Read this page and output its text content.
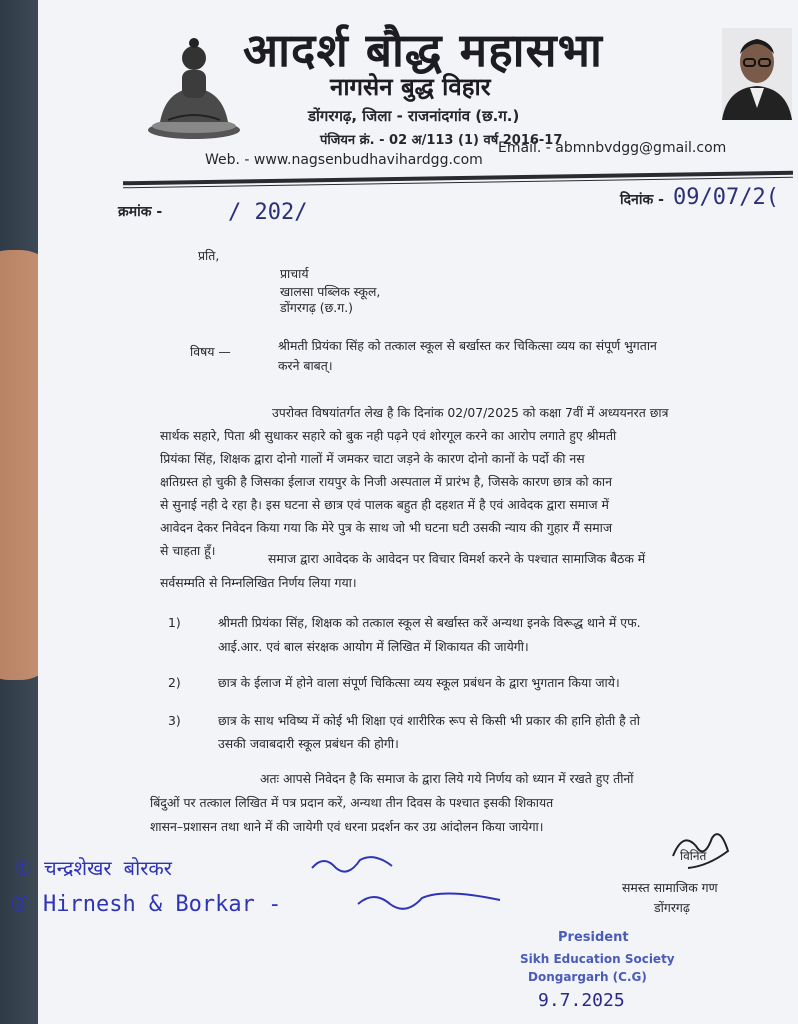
आदर्श बौद्ध महासभा
नागसेन बुद्ध विहार
डोंगरगढ़, जिला - राजनांदगांव (छ.ग.)
पंजियन क्रं. - 02 अ/113 (1) वर्ष 2016-17
Web. - www.nagsenbudhavihardgg.com
Email. - abmnbvdgg@gmail.com
क्रमांक -	/ 202/	दिनांक - 09/07/2(
प्रति,
प्राचार्य
खालसा पब्लिक स्कूल,
डोंगरगढ़ (छ.ग.)
विषय —	श्रीमती प्रियंका सिंह को तत्काल स्कूल से बर्खास्त कर चिकित्सा व्यय का संपूर्ण भुगतान
करने बाबत्।
उपरोक्त विषयांतर्गत लेख है कि दिनांक 02/07/2025 को कक्षा 7वीं में अध्ययनरत छात्र
सार्थक सहारे, पिता श्री सुधाकर सहारे को बुक नही पढ़ने एवं शोरगूल करने का आरोप लगाते हुए श्रीमती
प्रियंका सिंह, शिक्षक द्वारा दोनो गालों में जमकर चाटा जड़ने के कारण दोनो कानों के पर्दो की नस
क्षतिग्रस्त हो चुकी है जिसका ईलाज रायपुर के निजी अस्पताल में प्रारंभ है, जिसके कारण छात्र को कान
से सुनाई नही दे रहा है। इस घटना से छात्र एवं पालक बहुत ही दहशत में है एवं आवेदक द्वारा समाज में
आवेदन देकर निवेदन किया गया कि मेरे पुत्र के साथ जो भी घटना घटी उसकी न्याय की गुहार मैं समाज
से चाहता हूँ।
समाज द्वारा आवेदक के आवेदन पर विचार विमर्श करने के पश्चात सामाजिक बैठक में
सर्वसम्मति से निम्नलिखित निर्णय लिया गया।
1)	श्रीमती प्रियंका सिंह, शिक्षक को तत्काल स्कूल से बर्खास्त करें अन्यथा इनके विरूद्ध थाने में एफ.
आई.आर. एवं बाल संरक्षक आयोग में लिखित में शिकायत की जायेगी।
2)	छात्र के ईलाज में होने वाला संपूर्ण चिकित्सा व्यय स्कूल प्रबंधन के द्वारा भुगतान किया जाये।
3)	छात्र के साथ भविष्य में कोई भी शिक्षा एवं शारीरिक रूप से किसी भी प्रकार की हानि होती है तो
उसकी जवाबदारी स्कूल प्रबंधन की होगी।
अतः आपसे निवेदन है कि समाज के द्वारा लिये गये निर्णय को ध्यान में रखते हुए तीनों
बिंदुओं पर तत्काल लिखित में पत्र प्रदान करें, अन्यथा तीन दिवस के पश्चात इसकी शिकायत
शासन–प्रशासन तथा थाने में की जायेगी एवं धरना प्रदर्शन कर उग्र आंदोलन किया जायेगा।
विनित
समस्त सामाजिक गण
डोंगरगढ़
① चन्द्रशेखर बोरकर
② Hirnesh & Borkar -
President
Sikh Education Society
Dongargarh (C.G)
9.7.2025
